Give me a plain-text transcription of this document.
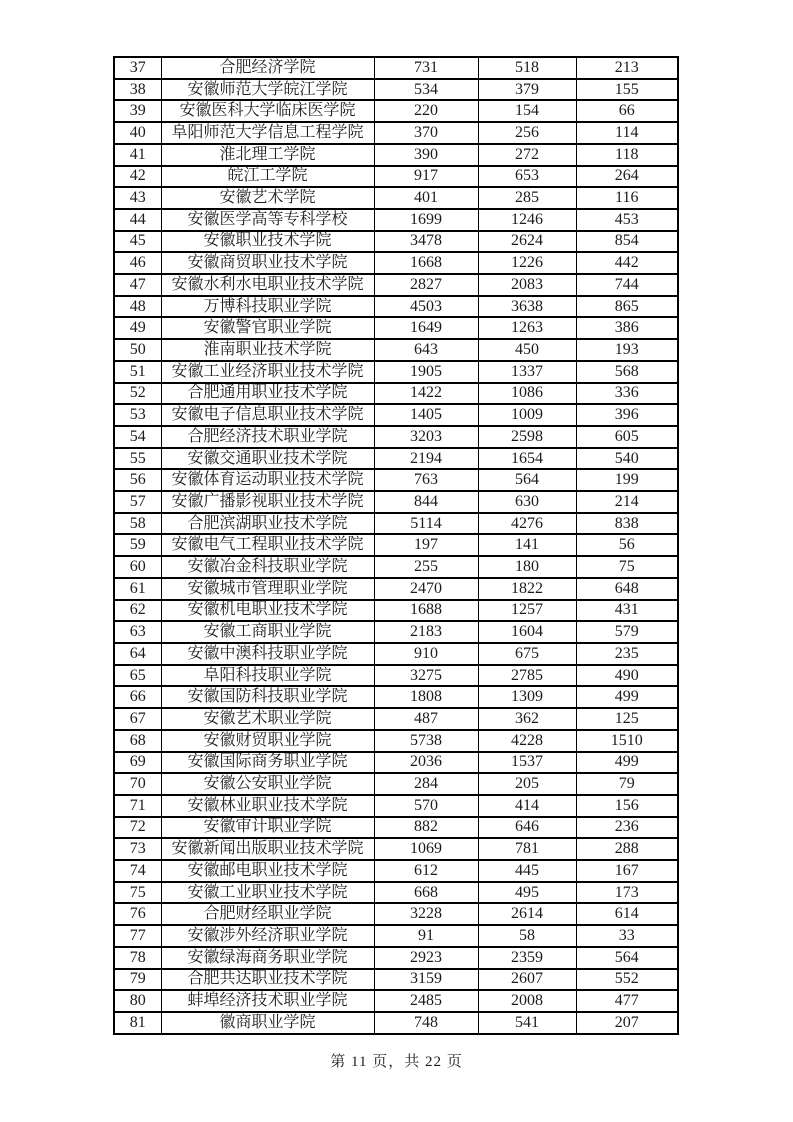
37	合肥经济学院	731	518	213
38	安徽师范大学皖江学院	534	379	155
39	安徽医科大学临床医学院	220	154	66
40	阜阳师范大学信息工程学院	370	256	114
41	淮北理工学院	390	272	118
42	皖江工学院	917	653	264
43	安徽艺术学院	401	285	116
44	安徽医学高等专科学校	1699	1246	453
45	安徽职业技术学院	3478	2624	854
46	安徽商贸职业技术学院	1668	1226	442
47	安徽水利水电职业技术学院	2827	2083	744
48	万博科技职业学院	4503	3638	865
49	安徽警官职业学院	1649	1263	386
50	淮南职业技术学院	643	450	193
51	安徽工业经济职业技术学院	1905	1337	568
52	合肥通用职业技术学院	1422	1086	336
53	安徽电子信息职业技术学院	1405	1009	396
54	合肥经济技术职业学院	3203	2598	605
55	安徽交通职业技术学院	2194	1654	540
56	安徽体育运动职业技术学院	763	564	199
57	安徽广播影视职业技术学院	844	630	214
58	合肥滨湖职业技术学院	5114	4276	838
59	安徽电气工程职业技术学院	197	141	56
60	安徽冶金科技职业学院	255	180	75
61	安徽城市管理职业学院	2470	1822	648
62	安徽机电职业技术学院	1688	1257	431
63	安徽工商职业学院	2183	1604	579
64	安徽中澳科技职业学院	910	675	235
65	阜阳科技职业学院	3275	2785	490
66	安徽国防科技职业学院	1808	1309	499
67	安徽艺术职业学院	487	362	125
68	安徽财贸职业学院	5738	4228	1510
69	安徽国际商务职业学院	2036	1537	499
70	安徽公安职业学院	284	205	79
71	安徽林业职业技术学院	570	414	156
72	安徽审计职业学院	882	646	236
73	安徽新闻出版职业技术学院	1069	781	288
74	安徽邮电职业技术学院	612	445	167
75	安徽工业职业技术学院	668	495	173
76	合肥财经职业学院	3228	2614	614
77	安徽涉外经济职业学院	91	58	33
78	安徽绿海商务职业学院	2923	2359	564
79	合肥共达职业技术学院	3159	2607	552
80	蚌埠经济技术职业学院	2485	2008	477
81	徽商职业学院	748	541	207
第 11 页，共 22 页
